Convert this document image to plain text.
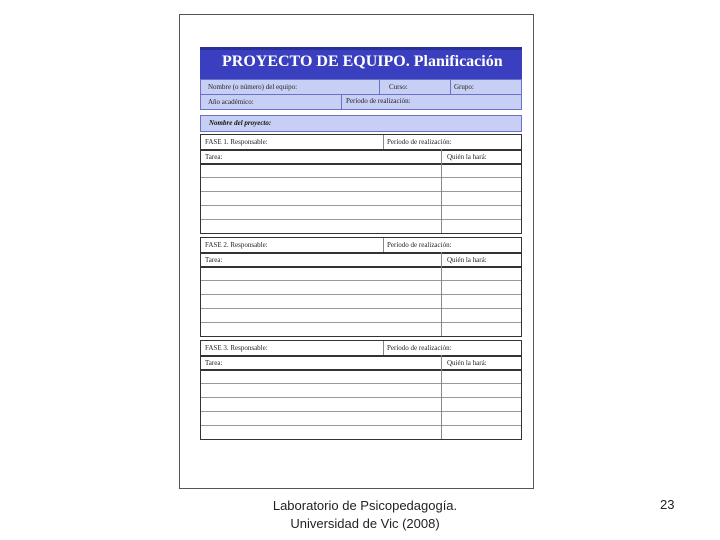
PROYECTO DE EQUIPO. Planificación
Nombre (o número) del equipo:	Curso:	Grupo:
Año académico:	Período de realización:
Nombre del proyecto:
FASE 1. Responsable:	Período de realización:
Tarea:	Quién la hará:
FASE 2. Responsable:	Período de realización:
Tarea:	Quién la hará:
FASE 3. Responsable:	Período de realización:
Tarea:	Quién la hará:
Laboratorio de Psicopedagogía.
Universidad de Vic (2008)
23
